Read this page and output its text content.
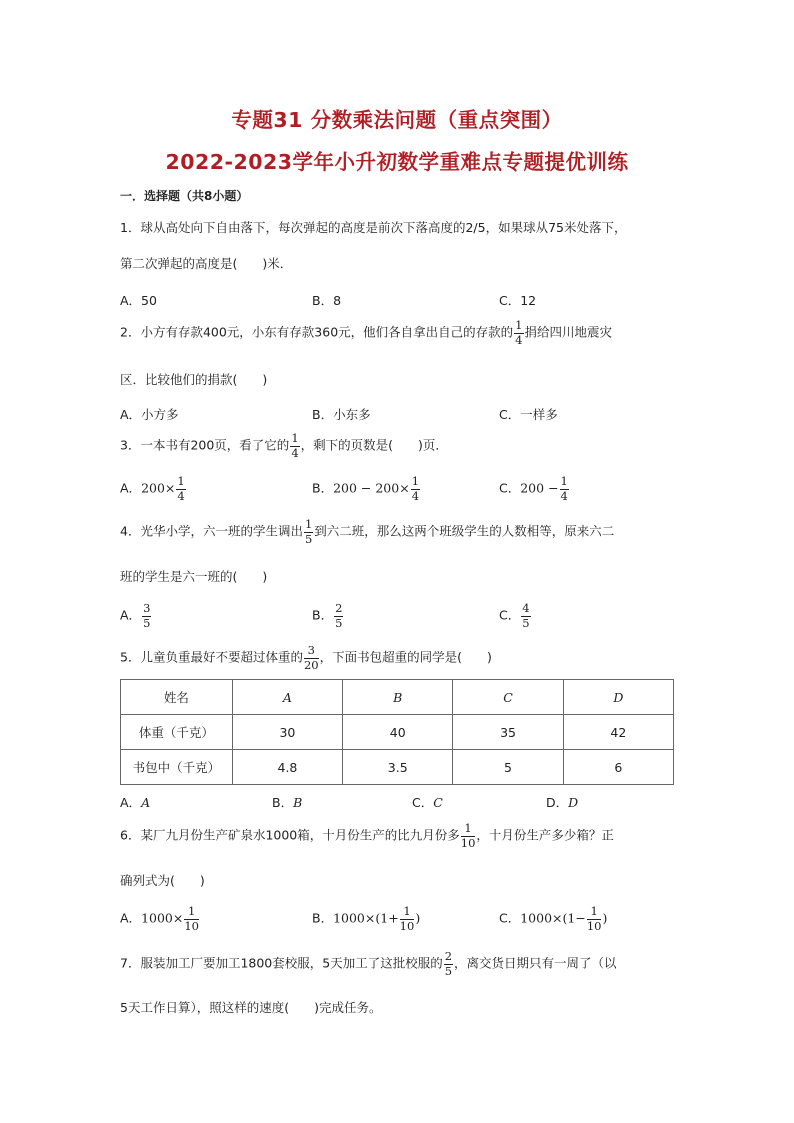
专题31 分数乘法问题（重点突围）
2022-2023学年小升初数学重难点专题提优训练
一．选择题（共8小题）
1．球从高处向下自由落下，每次弹起的高度是前次下落高度的2/5，如果球从75米处落下，
第二次弹起的高度是(　　)米．
A．50	B．8	C．12
2．小方有存款400元，小东有存款360元，他们各自拿出自己的存款的 $\frac{1}{4}$ 捐给四川地震灾
区．比较他们的捐款(　　)
A．小方多	B．小东多	C．一样多
3．一本书有200页，看了它的 $\frac{1}{4}$ ，剩下的页数是(　　)页．
A．$200\times \frac{1}{4}$	B．$200 - 200\times \frac{1}{4}$	C．$200 - \frac{1}{4}$
4．光华小学，六一班的学生调出 $\frac{1}{5}$ 到六二班，那么这两个班级学生的人数相等，原来六二
班的学生是六一班的(　　)
A． $\frac{3}{5}$	B． $\frac{2}{5}$	C． $\frac{4}{5}$
5．儿童负重最好不要超过体重的 $\frac{3}{20}$ ，下面书包超重的同学是(　　)
姓名	A	B	C	D
体重（千克）	30	40	35	42
书包中（千克）	4.8	3.5	5	6
A．A	B．B	C．C	D．D
6．某厂九月份生产矿泉水1000箱，十月份生产的比九月份多 $\frac{1}{10}$ ，十月份生产多少箱？正
确列式为(　　)
A．$1000\times \frac{1}{10}$	B．$1000\times(1+ \frac{1}{10}$ )	C．$1000\times(1- \frac{1}{10}$ )
7．服装加工厂要加工1800套校服，5天加工了这批校服的 $\frac{2}{5}$ ，离交货日期只有一周了（以
5天工作日算），照这样的速度(　　)完成任务。
